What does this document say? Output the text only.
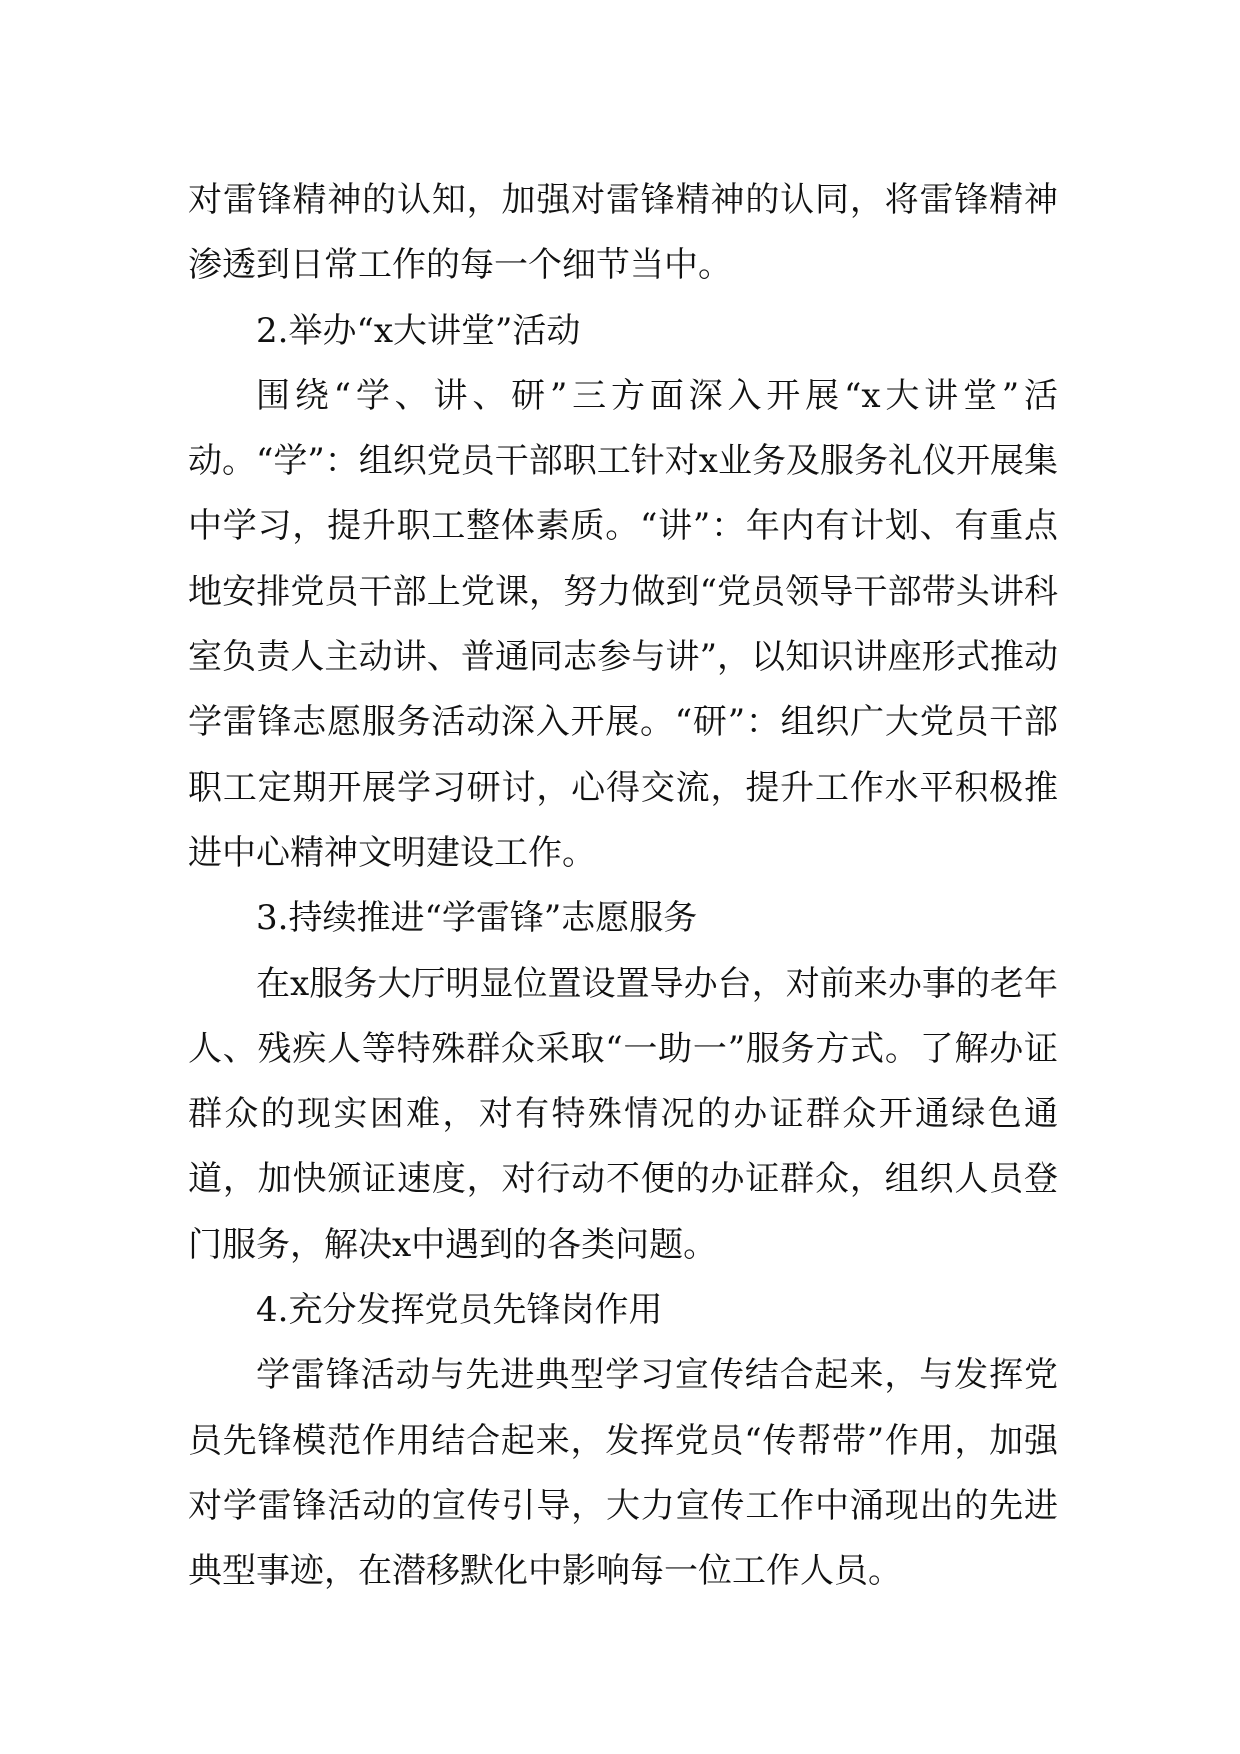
对雷锋精神的认知，加强对雷锋精神的认同，将雷锋精神渗透到日常工作的每一个细节当中。

2.举办“x大讲堂”活动

围绕“学、讲、研”三方面深入开展“x大讲堂”活动。“学”：组织党员干部职工针对x业务及服务礼仪开展集中学习，提升职工整体素质。“讲”：年内有计划、有重点地安排党员干部上党课，努力做到“党员领导干部带头讲科室负责人主动讲、普通同志参与讲”，以知识讲座形式推动学雷锋志愿服务活动深入开展。“研”：组织广大党员干部职工定期开展学习研讨，心得交流，提升工作水平积极推进中心精神文明建设工作。

3.持续推进“学雷锋”志愿服务

在x服务大厅明显位置设置导办台，对前来办事的老年人、残疾人等特殊群众采取“一助一”服务方式。了解办证群众的现实困难，对有特殊情况的办证群众开通绿色通道，加快颁证速度，对行动不便的办证群众，组织人员登门服务，解决x中遇到的各类问题。

4.充分发挥党员先锋岗作用

学雷锋活动与先进典型学习宣传结合起来，与发挥党员先锋模范作用结合起来，发挥党员“传帮带”作用，加强对学雷锋活动的宣传引导，大力宣传工作中涌现出的先进典型事迹，在潜移默化中影响每一位工作人员。
